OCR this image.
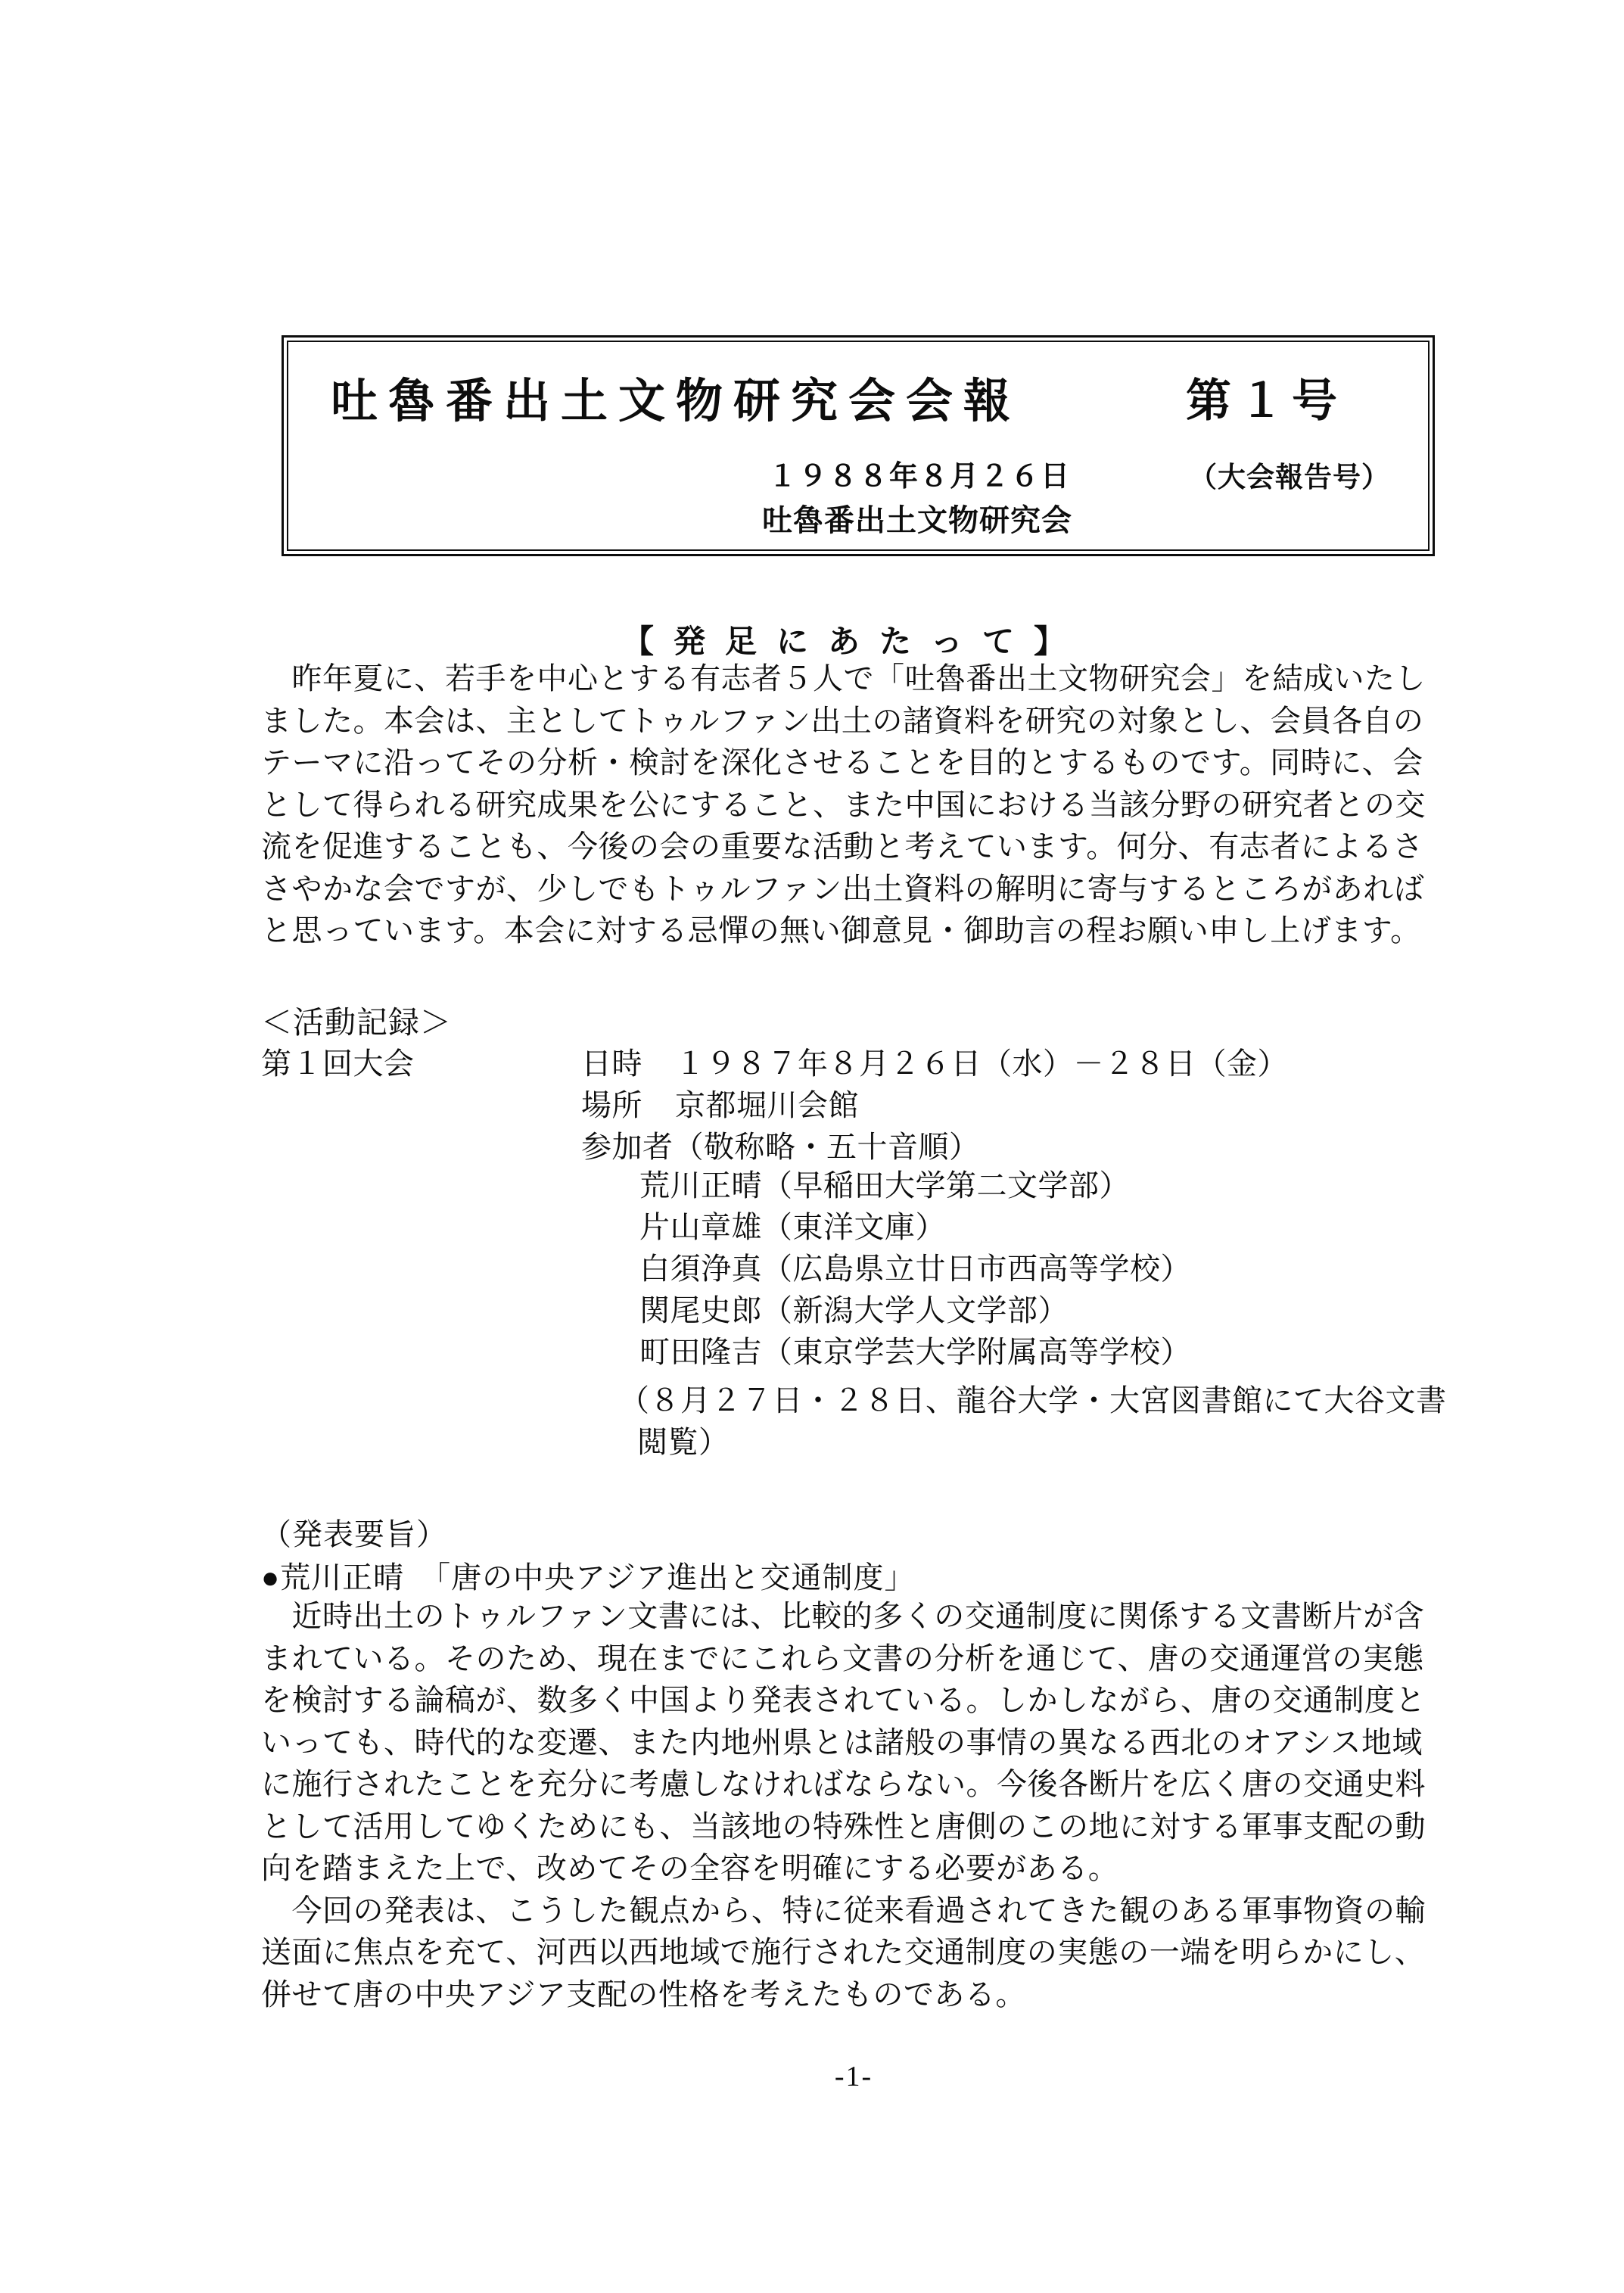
吐魯番出土文物研究会会報	第１号
１９８８年８月２６日	（大会報告号）
吐魯番出土文物研究会
【発足にあたって】
　昨年夏に、若手を中心とする有志者５人で「吐魯番出土文物研究会」を結成いたし
ました。本会は、主としてトゥルファン出土の諸資料を研究の対象とし、会員各自の
テーマに沿ってその分析・検討を深化させることを目的とするものです。同時に、会
として得られる研究成果を公にすること、また中国における当該分野の研究者との交
流を促進することも、今後の会の重要な活動と考えています。何分、有志者によるさ
さやかな会ですが、少しでもトゥルファン出土資料の解明に寄与するところがあれば
と思っています。本会に対する忌憚の無い御意見・御助言の程お願い申し上げます。
＜活動記録＞
第１回大会	日時 １９８７年８月２６日（水）－２８日（金）
場所 京都堀川会館
参加者（敬称略・五十音順）
荒川正晴（早稲田大学第二文学部）
片山章雄（東洋文庫）
白須浄真（広島県立廿日市西高等学校）
関尾史郎（新潟大学人文学部）
町田隆吉（東京学芸大学附属高等学校）
（８月２７日・２８日、龍谷大学・大宮図書館にて大谷文書
閲覧）
（発表要旨）
●荒川正晴　「唐の中央アジア進出と交通制度」
　近時出土のトゥルファン文書には、比較的多くの交通制度に関係する文書断片が含
まれている。そのため、現在までにこれら文書の分析を通じて、唐の交通運営の実態
を検討する論稿が、数多く中国より発表されている。しかしながら、唐の交通制度と
いっても、時代的な変遷、また内地州県とは諸般の事情の異なる西北のオアシス地域
に施行されたことを充分に考慮しなければならない。今後各断片を広く唐の交通史料
として活用してゆくためにも、当該地の特殊性と唐側のこの地に対する軍事支配の動
向を踏まえた上で、改めてその全容を明確にする必要がある。
　今回の発表は、こうした観点から、特に従来看過されてきた観のある軍事物資の輸
送面に焦点を充て、河西以西地域で施行された交通制度の実態の一端を明らかにし、
併せて唐の中央アジア支配の性格を考えたものである。
-1-
